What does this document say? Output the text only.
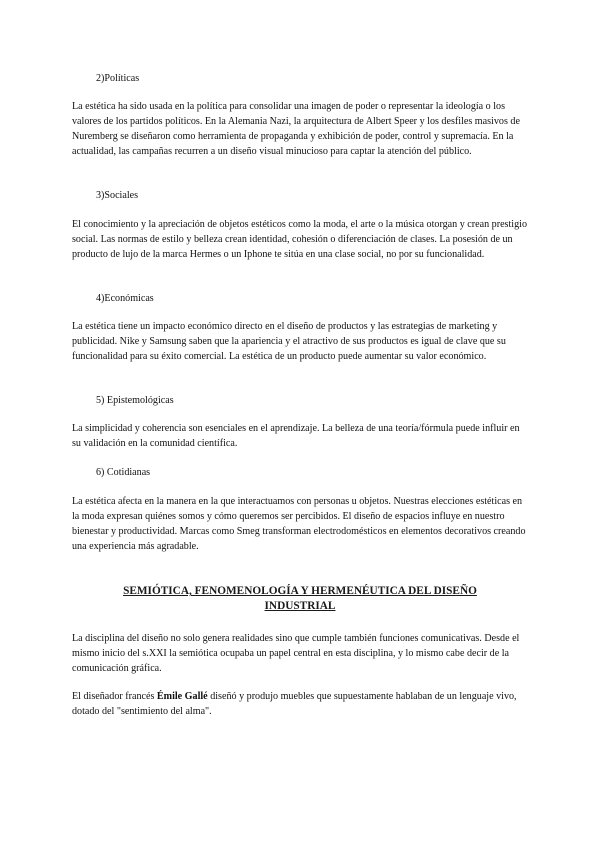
2)Políticas

La estética ha sido usada en la política para consolidar una imagen de poder o representar la ideología o los valores de los partidos políticos. En la Alemania Nazi, la arquitectura de Albert Speer y los desfiles masivos de Nuremberg se diseñaron como herramienta de propaganda y exhibición de poder, control y supremacía. En la actualidad, las campañas recurren a un diseño visual minucioso para captar la atención del público.

3)Sociales

El conocimiento y la apreciación de objetos estéticos como la moda, el arte o la música otorgan y crean prestigio social. Las normas de estilo y belleza crean identidad, cohesión o diferenciación de clases. La posesión de un producto de lujo de la marca Hermes o un Iphone te sitúa en una clase social, no por su funcionalidad.

4)Económicas

La estética tiene un impacto económico directo en el diseño de productos y las estrategias de marketing y publicidad. Nike y Samsung saben que la apariencia y el atractivo de sus productos es igual de clave que su funcionalidad para su éxito comercial. La estética de un producto puede aumentar su valor económico.

5) Epistemológicas

La simplicidad y coherencia son esenciales en el aprendizaje. La belleza de una teoría/fórmula puede influir en su validación en la comunidad científica.

6) Cotidianas

La estética afecta en la manera en la que interactuamos con personas u objetos. Nuestras elecciones estéticas en la moda expresan quiénes somos y cómo queremos ser percibidos. El diseño de espacios influye en nuestro bienestar y productividad. Marcas como Smeg transforman electrodomésticos en elementos decorativos creando una experiencia más agradable.

SEMIÓTICA, FENOMENOLOGÍA Y HERMENÉUTICA DEL DISEÑO INDUSTRIAL

La disciplina del diseño no solo genera realidades sino que cumple también funciones comunicativas. Desde el mismo inicio del s.XXI la semiótica ocupaba un papel central en esta disciplina, y lo mismo cabe decir de la comunicación gráfica.

El diseñador francés Émile Gallé diseñó y produjo muebles que supuestamente hablaban de un lenguaje vivo, dotado del "sentimiento del alma".
